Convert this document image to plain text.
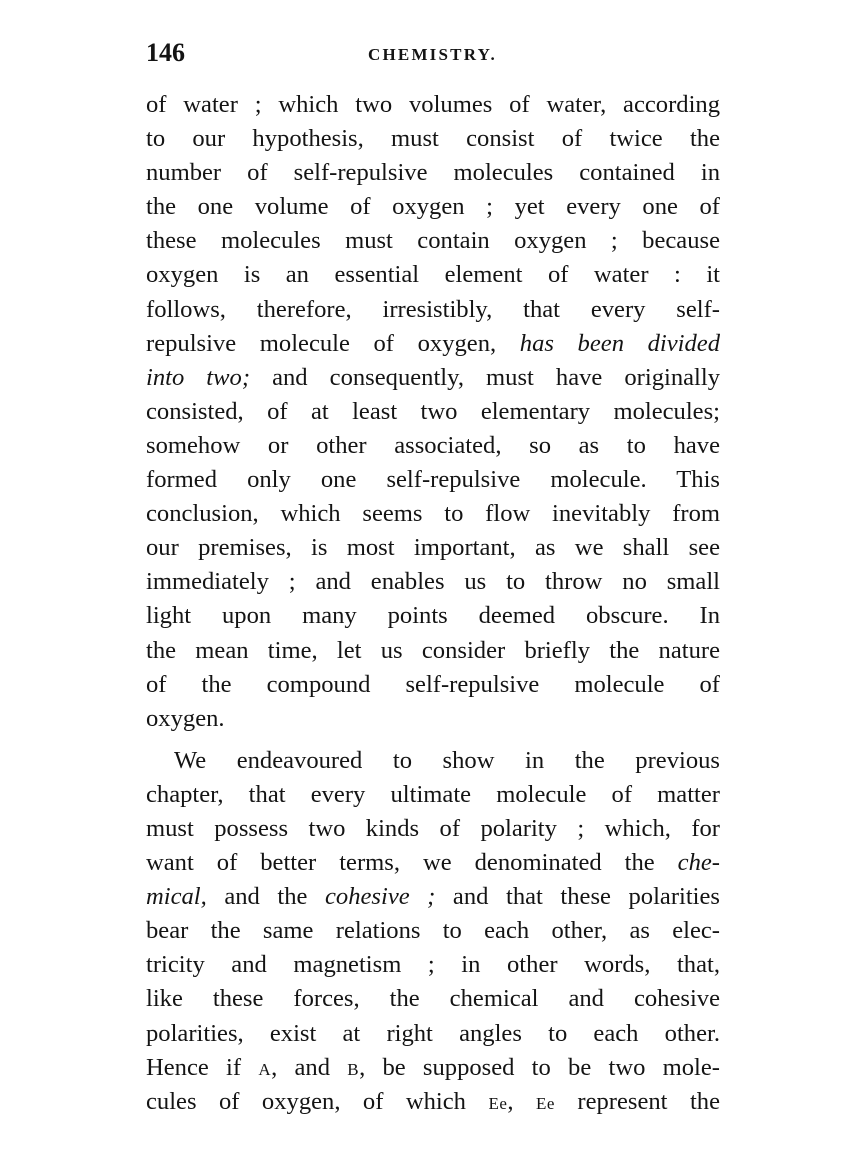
146	CHEMISTRY.
of water ; which two volumes of water, according
to our hypothesis, must consist of twice the
number of self-repulsive molecules contained in
the one volume of oxygen ; yet every one of
these molecules must contain oxygen ; because
oxygen is an essential element of water : it
follows, therefore, irresistibly, that every self-
repulsive molecule of oxygen, has been divided
into two; and consequently, must have originally
consisted, of at least two elementary molecules;
somehow or other associated, so as to have
formed only one self-repulsive molecule. This
conclusion, which seems to flow inevitably from
our premises, is most important, as we shall see
immediately ; and enables us to throw no small
light upon many points deemed obscure. In
the mean time, let us consider briefly the nature
of the compound self-repulsive molecule of
oxygen.
We endeavoured to show in the previous
chapter, that every ultimate molecule of matter
must possess two kinds of polarity ; which, for
want of better terms, we denominated the che-
mical, and the cohesive ; and that these polarities
bear the same relations to each other, as elec-
tricity and magnetism ; in other words, that,
like these forces, the chemical and cohesive
polarities, exist at right angles to each other.
Hence if A, and B, be supposed to be two mole-
cules of oxygen, of which Ee, Ee represent the
